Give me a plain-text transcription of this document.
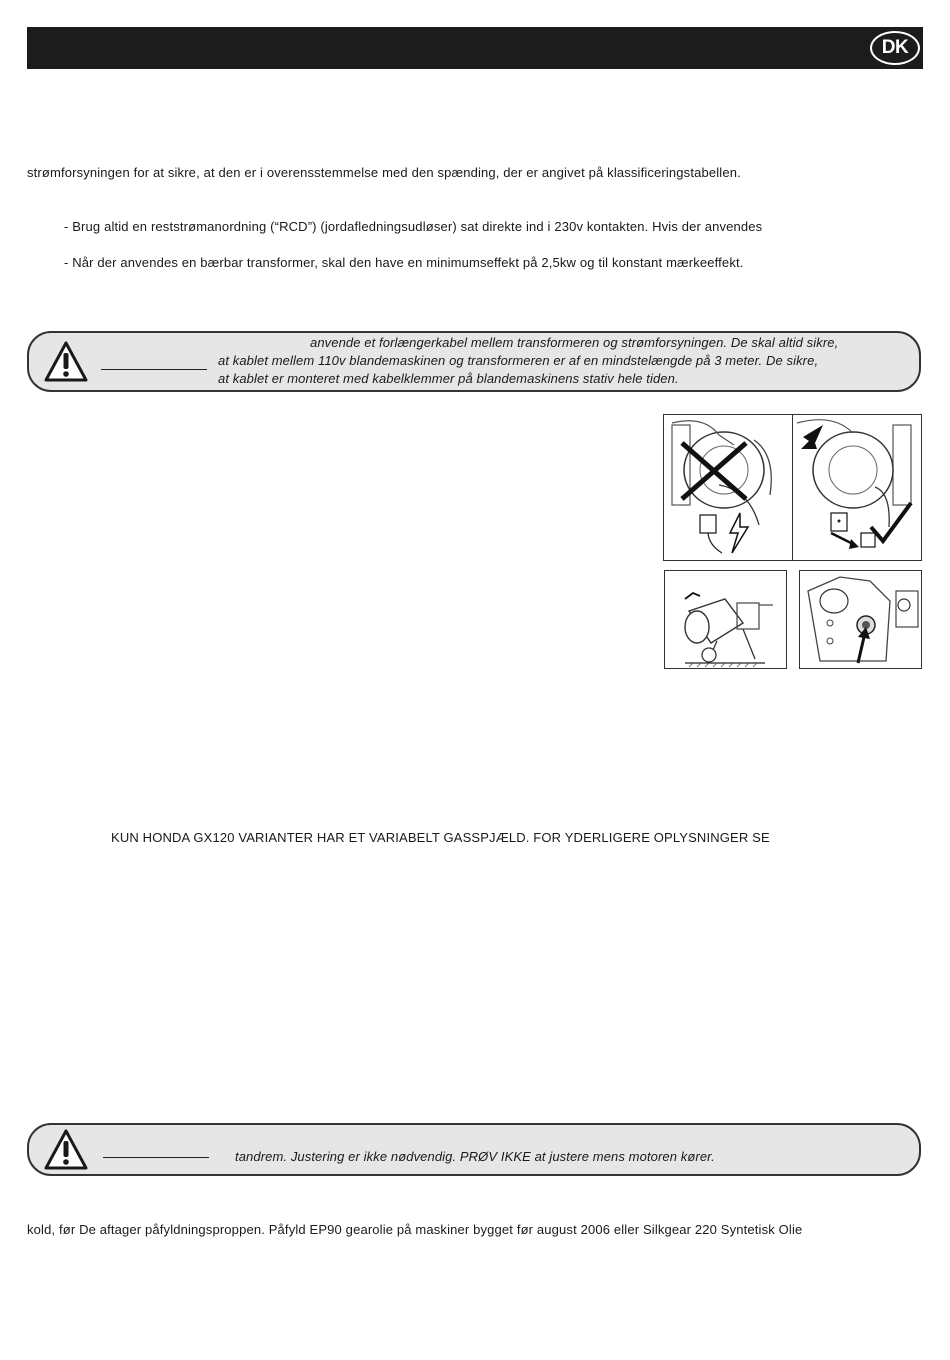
DK
strømforsyningen for at sikre, at den er i overensstemmelse med den spænding, der er angivet på klassificeringstabellen.
- Brug altid en reststrømanordning (“RCD”) (jordafledningsudløser) sat direkte ind i 230v kontakten. Hvis der anvendes
- Når der anvendes en bærbar transformer, skal den have en minimumseffekt på 2,5kw og til konstant mærkeeffekt.
anvende et forlængerkabel mellem transformeren og strømforsyningen. De skal altid sikre,
at kablet mellem 110v blandemaskinen og transformeren er af en mindstelængde på 3 meter. De sikre,
at kablet er monteret med kabelklemmer på blandemaskinens stativ hele tiden.
KUN HONDA GX120 VARIANTER HAR ET VARIABELT GASSPJÆLD. FOR YDERLIGERE OPLYSNINGER SE
tandrem. Justering er ikke nødvendig. PRØV IKKE at justere mens motoren kører.
kold, før De aftager påfyldningsproppen. Påfyld EP90 gearolie på maskiner bygget før august 2006 eller Silkgear 220 Syntetisk Olie
